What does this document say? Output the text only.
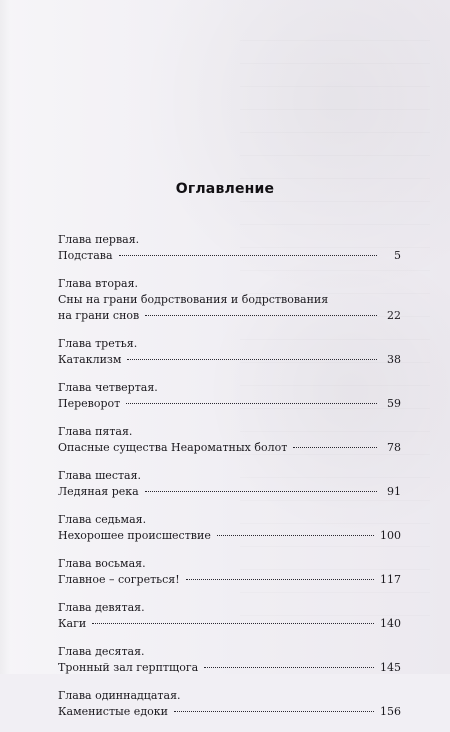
Оглавление
Глава первая.
Подстава	5
Глава вторая.
Сны на грани бодрствования и бодрствования
на грани снов	22
Глава третья.
Катаклизм	38
Глава четвертая.
Переворот	59
Глава пятая.
Опасные существа Неароматных болот	78
Глава шестая.
Ледяная река	91
Глава седьмая.
Нехорошее происшествие	100
Глава восьмая.
Главное – согреться!	117
Глава девятая.
Каги	140
Глава десятая.
Тронный зал герптщога	145
Глава одиннадцатая.
Каменистые едоки	156
